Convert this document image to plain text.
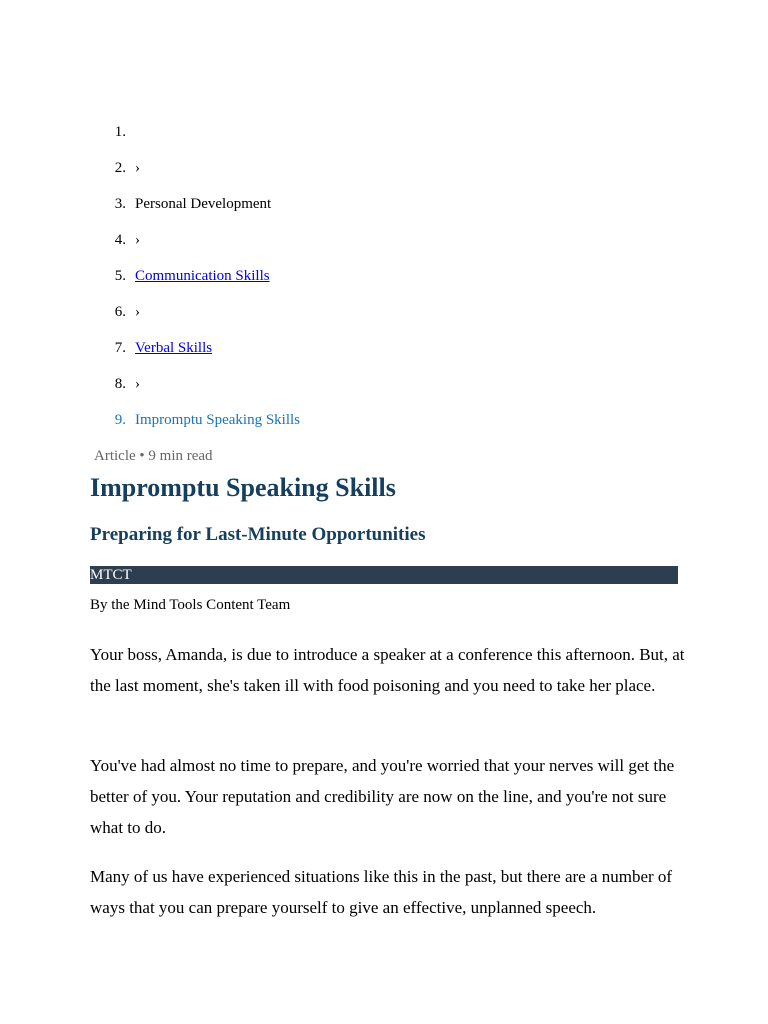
1.
2. ›
3. Personal Development
4. ›
5. Communication Skills
6. ›
7. Verbal Skills
8. ›
9. Impromptu Speaking Skills
Article • 9 min read
Impromptu Speaking Skills
Preparing for Last-Minute Opportunities
MTCT
By the Mind Tools Content Team

Your boss, Amanda, is due to introduce a speaker at a conference this afternoon. But, at the last moment, she's taken ill with food poisoning and you need to take her place.

You've had almost no time to prepare, and you're worried that your nerves will get the better of you. Your reputation and credibility are now on the line, and you're not sure what to do.

Many of us have experienced situations like this in the past, but there are a number of ways that you can prepare yourself to give an effective, unplanned speech.
